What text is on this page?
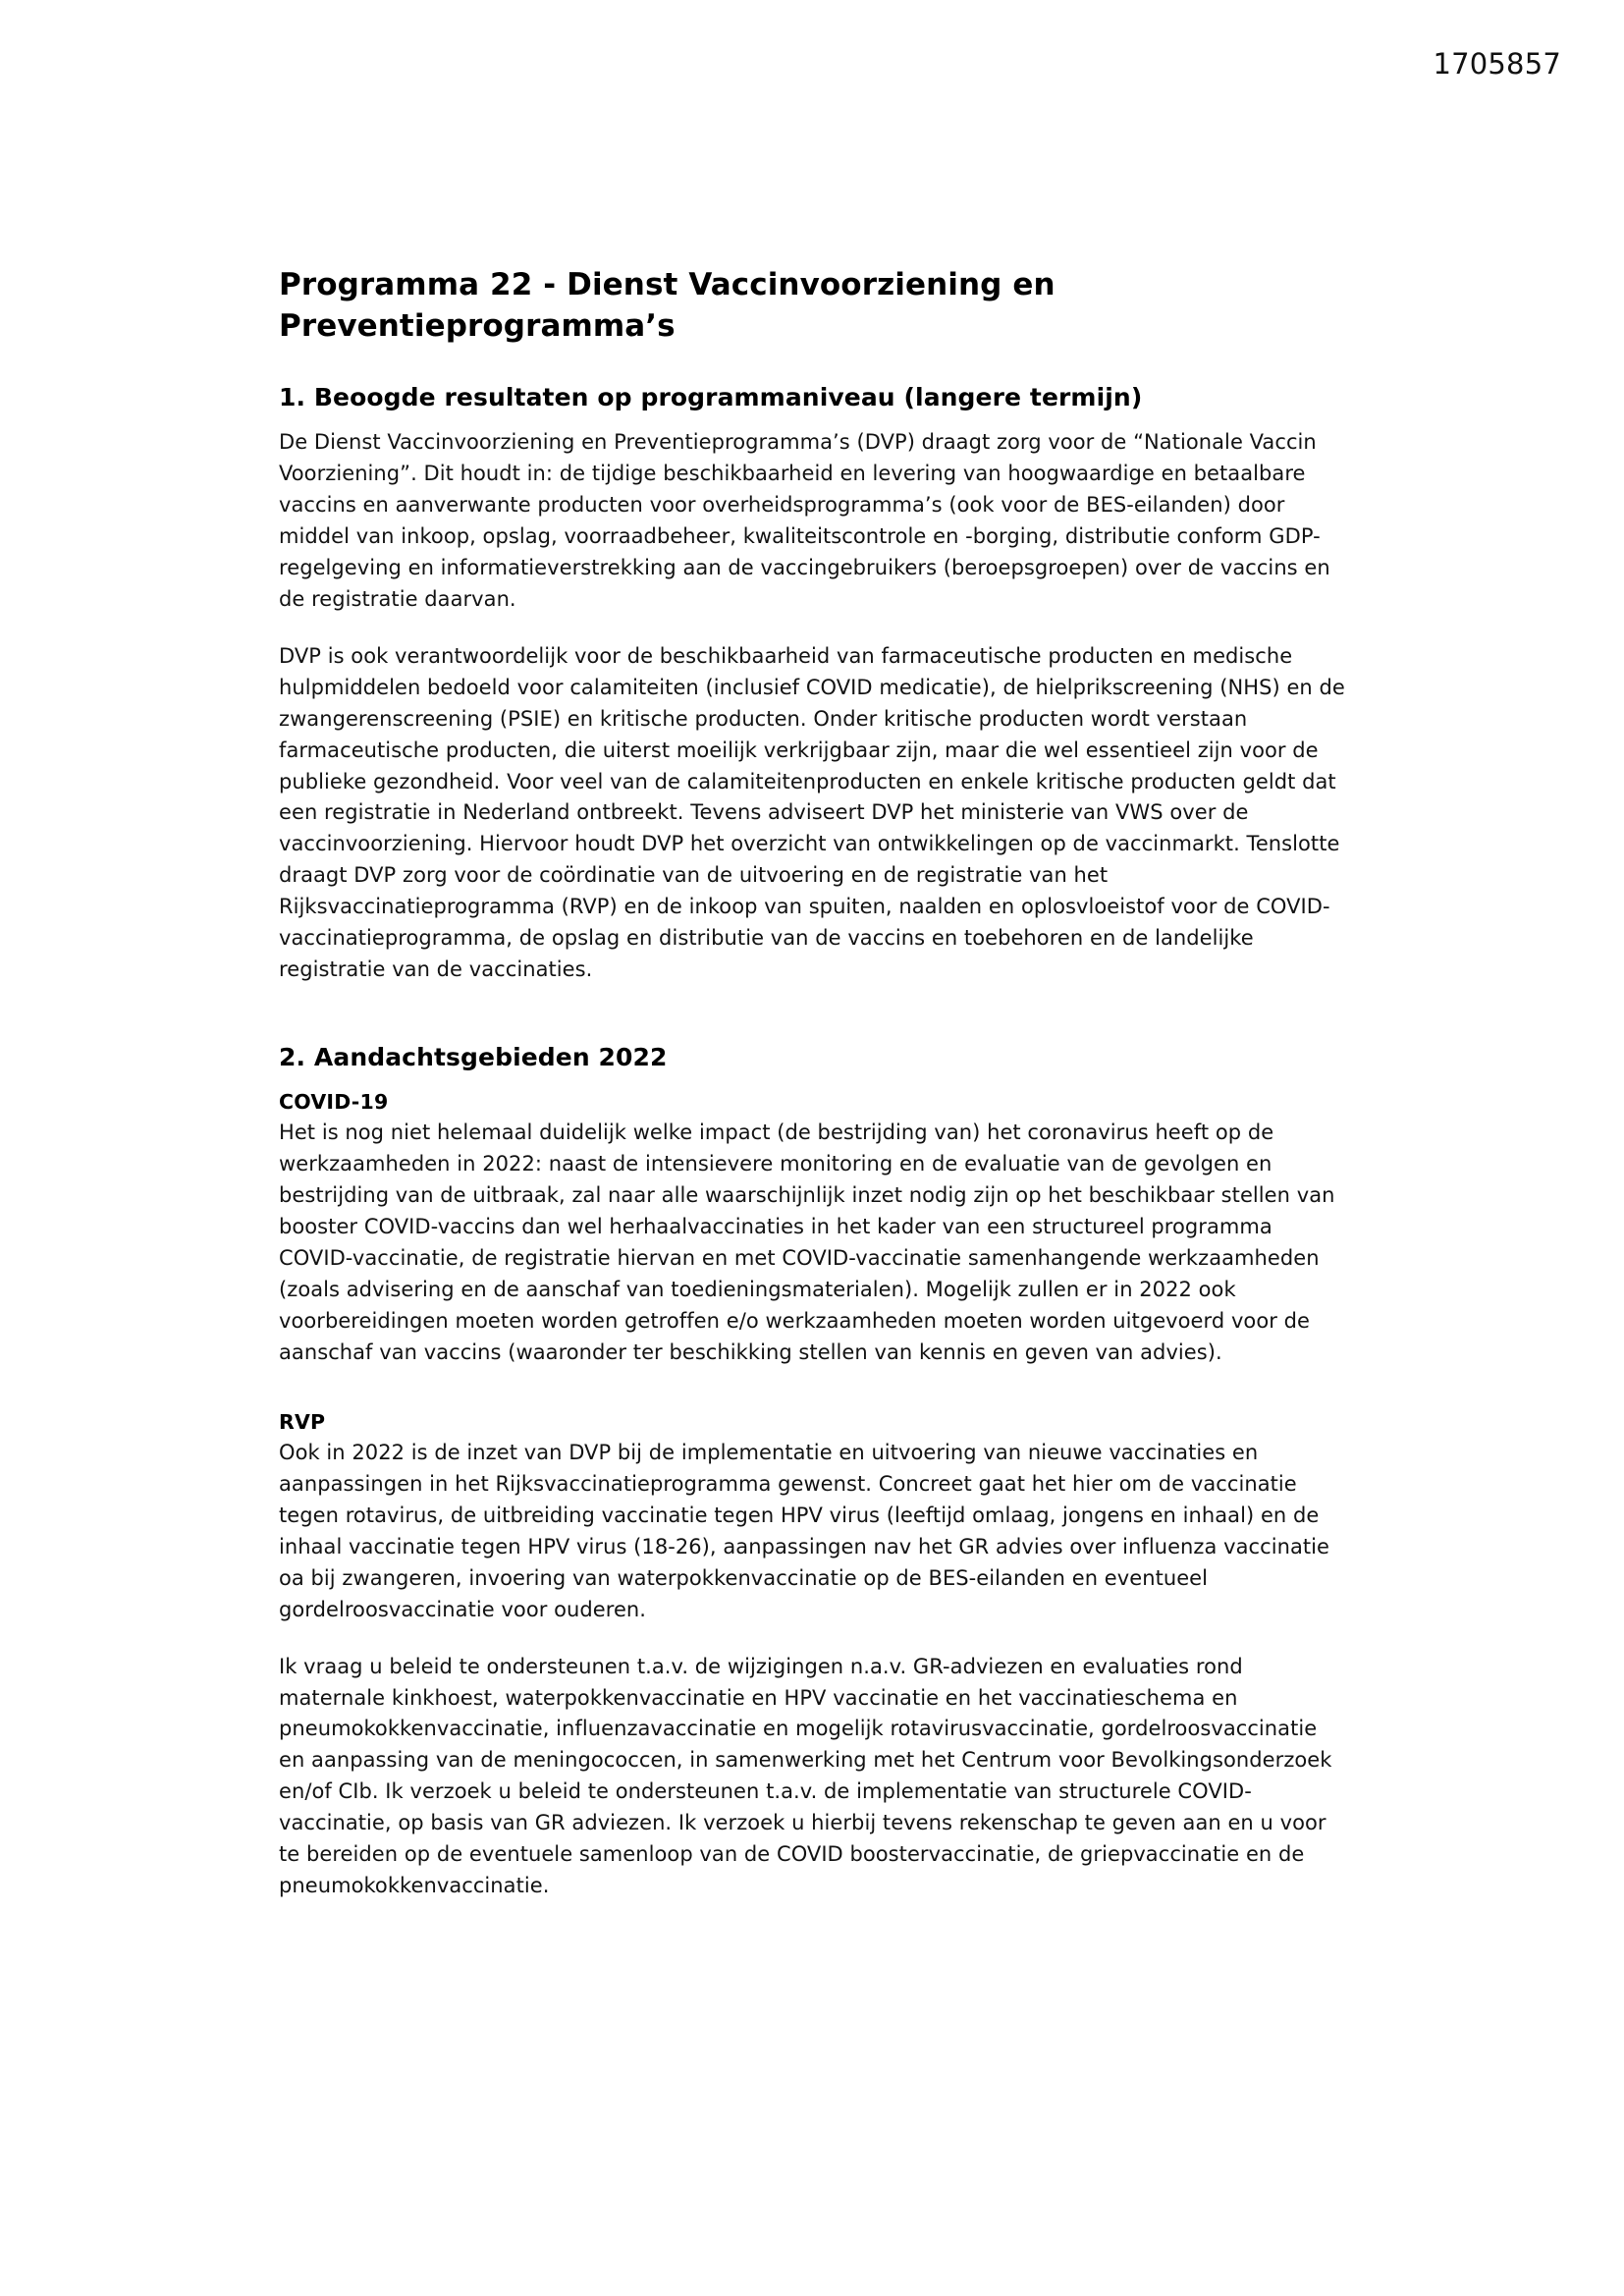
1705857
Programma 22 - Dienst Vaccinvoorziening en Preventieprogramma’s
1. Beoogde resultaten op programmaniveau (langere termijn)

De Dienst Vaccinvoorziening en Preventieprogramma’s (DVP) draagt zorg voor de “Nationale Vaccin Voorziening”. Dit houdt in: de tijdige beschikbaarheid en levering van hoogwaardige en betaalbare vaccins en aanverwante producten voor overheidsprogramma’s (ook voor de BES-eilanden) door middel van inkoop, opslag, voorraadbeheer, kwaliteitscontrole en -borging, distributie conform GDP-regelgeving en informatieverstrekking aan de vaccingebruikers (beroepsgroepen) over de vaccins en de registratie daarvan.

DVP is ook verantwoordelijk voor de beschikbaarheid van farmaceutische producten en medische hulpmiddelen bedoeld voor calamiteiten (inclusief COVID medicatie), de hielprikscreening (NHS) en de zwangerenscreening (PSIE) en kritische producten. Onder kritische producten wordt verstaan farmaceutische producten, die uiterst moeilijk verkrijgbaar zijn, maar die wel essentieel zijn voor de publieke gezondheid. Voor veel van de calamiteitenproducten en enkele kritische producten geldt dat een registratie in Nederland ontbreekt. Tevens adviseert DVP het ministerie van VWS over de vaccinvoorziening. Hiervoor houdt DVP het overzicht van ontwikkelingen op de vaccinmarkt. Tenslotte draagt DVP zorg voor de coördinatie van de uitvoering en de registratie van het Rijksvaccinatieprogramma (RVP) en de inkoop van spuiten, naalden en oplosvloeistof voor de COVID-vaccinatieprogramma, de opslag en distributie van de vaccins en toebehoren en de landelijke registratie van de vaccinaties.

2. Aandachtsgebieden 2022
COVID-19

Het is nog niet helemaal duidelijk welke impact (de bestrijding van) het coronavirus heeft op de werkzaamheden in 2022: naast de intensievere monitoring en de evaluatie van de gevolgen en bestrijding van de uitbraak, zal naar alle waarschijnlijk inzet nodig zijn op het beschikbaar stellen van booster COVID-vaccins dan wel herhaalvaccinaties in het kader van een structureel programma COVID-vaccinatie, de registratie hiervan en met COVID-vaccinatie samenhangende werkzaamheden (zoals advisering en de aanschaf van toedieningsmaterialen). Mogelijk zullen er in 2022 ook voorbereidingen moeten worden getroffen e/o werkzaamheden moeten worden uitgevoerd voor de aanschaf van vaccins (waaronder ter beschikking stellen van kennis en geven van advies).

RVP

Ook in 2022 is de inzet van DVP bij de implementatie en uitvoering van nieuwe vaccinaties en aanpassingen in het Rijksvaccinatieprogramma gewenst. Concreet gaat het hier om de vaccinatie tegen rotavirus, de uitbreiding vaccinatie tegen HPV virus (leeftijd omlaag, jongens en inhaal) en de inhaal vaccinatie tegen HPV virus (18-26), aanpassingen nav het GR advies over influenza vaccinatie oa bij zwangeren, invoering van waterpokkenvaccinatie op de BES-eilanden en eventueel gordelroosvaccinatie voor ouderen.

Ik vraag u beleid te ondersteunen t.a.v. de wijzigingen n.a.v. GR-adviezen en evaluaties rond maternale kinkhoest, waterpokkenvaccinatie en HPV vaccinatie en het vaccinatieschema en pneumokokkenvaccinatie, influenzavaccinatie en mogelijk rotavirusvaccinatie, gordelroosvaccinatie en aanpassing van de meningococcen, in samenwerking met het Centrum voor Bevolkingsonderzoek en/of CIb. Ik verzoek u beleid te ondersteunen t.a.v. de implementatie van structurele COVID-vaccinatie, op basis van GR adviezen. Ik verzoek u hierbij tevens rekenschap te geven aan en u voor te bereiden op de eventuele samenloop van de COVID boostervaccinatie, de griepvaccinatie en de pneumokokkenvaccinatie.
